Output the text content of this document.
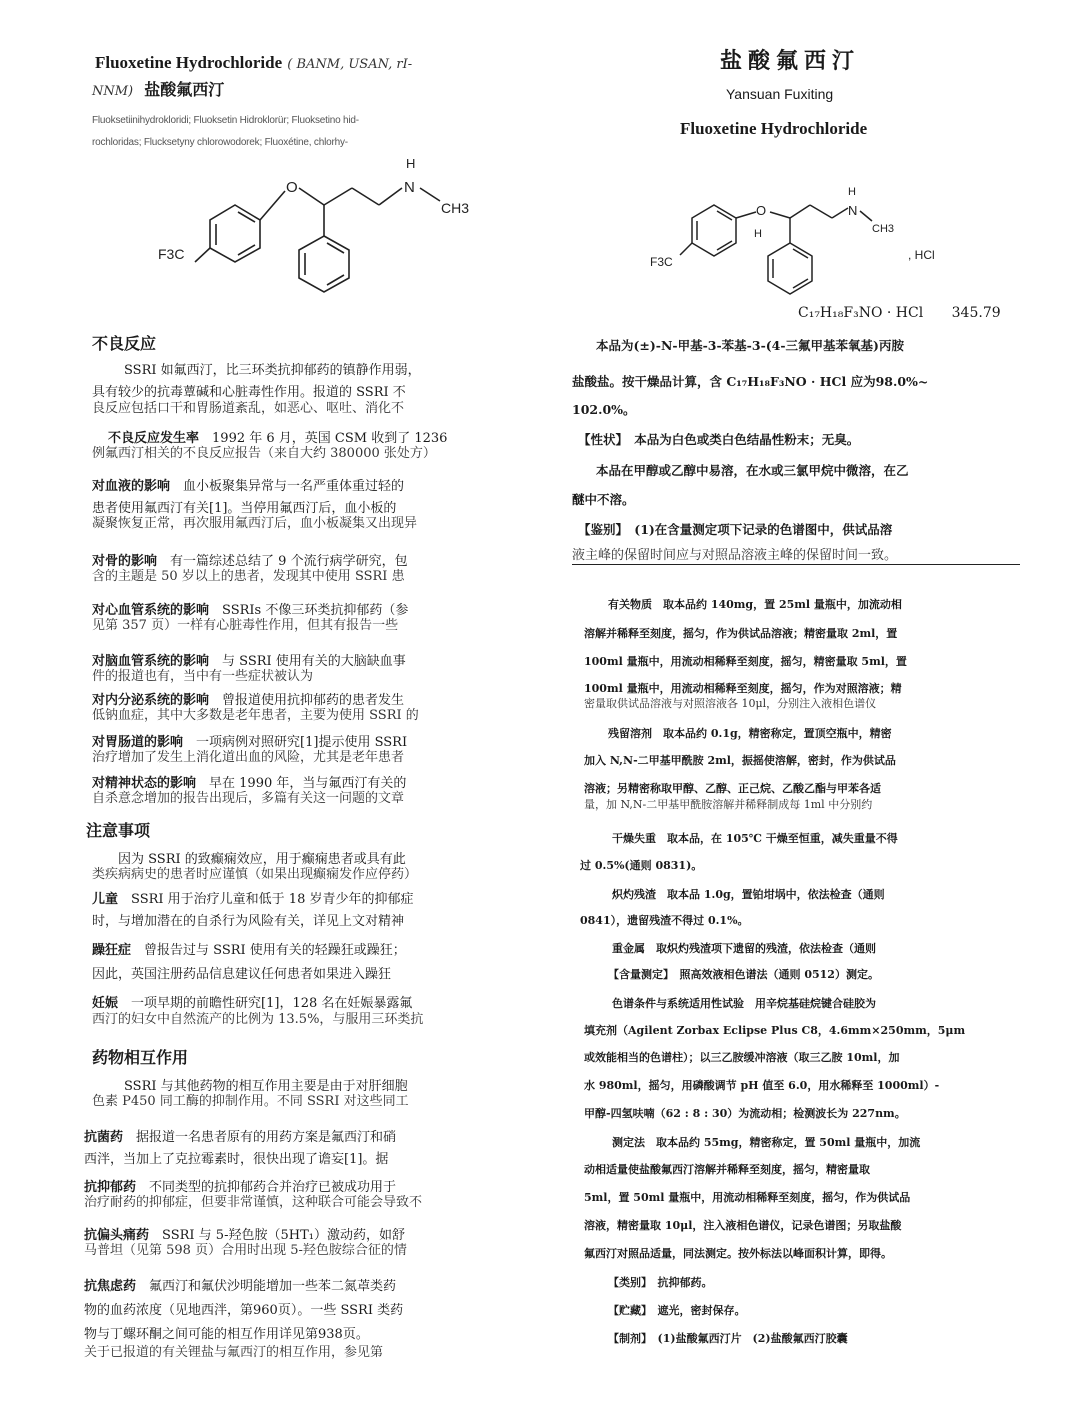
Fluoxetine Hydrochloride ( BANM, USAN, rI-
NNM) 盐酸氟西汀
Fluoksetiinihydrokloridi; Fluoksetin Hidroklorür; Fluoksetino hid-
rochloridas; Flucksetyny chlorowodorek; Fluoxétine, chlorhy-
O
H
N
CH3
F3C
不良反应
SSRI 如氟西汀，比三环类抗抑郁药的镇静作用弱，
具有较少的抗毒蕈碱和心脏毒性作用。报道的 SSRI 不
良反应包括口干和胃肠道紊乱，如恶心、呕吐、消化不
不良反应发生率　 1992 年 6 月，英国 CSM 收到了 1236
例氟西汀相关的不良反应报告（来自大约 380000 张处方）
对血液的影响　 血小板聚集异常与一名严重体重过轻的
患者使用氟西汀有关[1]。当停用氟西汀后，血小板的
凝聚恢复正常，再次服用氟西汀后，血小板凝集又出现异
对骨的影响　 有一篇综述总结了 9 个流行病学研究，包
含的主题是 50 岁以上的患者，发现其中使用 SSRI 患
对心血管系统的影响　 SSRIs 不像三环类抗抑郁药（参
见第 357 页）一样有心脏毒性作用，但其有报告一些
对脑血管系统的影响　 与 SSRI 使用有关的大脑缺血事
件的报道也有，当中有一些症状被认为
对内分泌系统的影响　 曾报道使用抗抑郁药的患者发生
低钠血症，其中大多数是老年患者，主要为使用 SSRI 的
对胃肠道的影响　 一项病例对照研究[1]提示使用 SSRI
治疗增加了发生上消化道出血的风险，尤其是老年患者
对精神状态的影响　 早在 1990 年，当与氟西汀有关的
自杀意念增加的报告出现后，多篇有关这一问题的文章
注意事项
因为 SSRI 的致癫痫效应，用于癫痫患者或具有此
类疾病病史的患者时应谨慎（如果出现癫痫发作应停药）
儿童　 SSRI 用于治疗儿童和低于 18 岁青少年的抑郁症
时，与增加潜在的自杀行为风险有关，详见上文对精神
躁狂症　 曾报告过与 SSRI 使用有关的轻躁狂或躁狂；
因此，英国注册药品信息建议任何患者如果进入躁狂
妊娠　 一项早期的前瞻性研究[1]，128 名在妊娠暴露氟
西汀的妇女中自然流产的比例为 13.5%，与服用三环类抗
药物相互作用
SSRI 与其他药物的相互作用主要是由于对肝细胞
色素 P450 同工酶的抑制作用。不同 SSRI 对这些同工
抗菌药　 据报道一名患者原有的用药方案是氟西汀和硝
西泮，当加上了克拉霉素时，很快出现了谵妄[1]。据
抗抑郁药　 不同类型的抗抑郁药合并治疗已被成功用于
治疗耐药的抑郁症，但要非常谨慎，这种联合可能会导致不
抗偏头痛药　 SSRI 与 5-羟色胺（5HT₁）激动药，如舒
马普坦（见第 598 页）合用时出现 5-羟色胺综合征的情
抗焦虑药　 氟西汀和氟伏沙明能增加一些苯二氮䓬类药
物的血药浓度（见地西泮，第960页）。一些 SSRI 类药
物与丁螺环酮之间可能的相互作用详见第938页。
关于已报道的有关锂盐与氟西汀的相互作用，参见第
盐酸氟西汀
Yansuan Fuxiting
Fluoxetine Hydrochloride
O
H
H
N
CH3
F3C	, HCl
C₁₇H₁₈F₃NO · HCl 345.79
本品为(±)-N-甲基-3-苯基-3-(4-三氟甲基苯氧基)丙胺
盐酸盐。按干燥品计算，含 C₁₇H₁₈F₃NO · HCl 应为98.0%~
102.0%。
【性状】　 本品为白色或类白色结晶性粉末；无臭。
本品在甲醇或乙醇中易溶，在水或三氯甲烷中微溶，在乙
醚中不溶。
【鉴别】　 (1)在含量测定项下记录的色谱图中，供试品溶
液主峰的保留时间应与对照品溶液主峰的保留时间一致。
有关物质　 取本品约 140mg，置 25ml 量瓶中，加流动相
溶解并稀释至刻度，摇匀，作为供试品溶液；精密量取 2ml，置
100ml 量瓶中，用流动相稀释至刻度，摇匀，精密量取 5ml，置
100ml 量瓶中，用流动相稀释至刻度，摇匀，作为对照溶液；精
密量取供试品溶液与对照溶液各 10μl，分别注入液相色谱仪
残留溶剂　 取本品约 0.1g，精密称定，置顶空瓶中，精密
加入 N,N-二甲基甲酰胺 2ml，振摇使溶解，密封，作为供试品
溶液；另精密称取甲醇、乙醇、正己烷、乙酸乙酯与甲苯各适
量，加 N,N-二甲基甲酰胺溶解并稀释制成每 1ml 中分别约
干燥失重　 取本品，在 105℃ 干燥至恒重，减失重量不得
过 0.5%(通则 0831)。
炽灼残渣　 取本品 1.0g，置铂坩埚中，依法检查（通则
0841），遗留残渣不得过 0.1%。
重金属　 取炽灼残渣项下遗留的残渣，依法检查（通则
【含量测定】　 照高效液相色谱法（通则 0512）测定。
色谱条件与系统适用性试验　 用辛烷基硅烷键合硅胶为
填充剂（Agilent Zorbax Eclipse Plus C8，4.6mm×250mm，5μm
或效能相当的色谱柱）；以三乙胺缓冲溶液（取三乙胺 10ml，加
水 980ml，摇匀，用磷酸调节 pH 值至 6.0，用水稀释至 1000ml）-
甲醇-四氢呋喃（62 : 8 : 30）为流动相；检测波长为 227nm。
测定法　 取本品约 55mg，精密称定，置 50ml 量瓶中，加流
动相适量使盐酸氟西汀溶解并稀释至刻度，摇匀，精密量取
5ml，置 50ml 量瓶中，用流动相稀释至刻度，摇匀，作为供试品
溶液，精密量取 10μl，注入液相色谱仪，记录色谱图；另取盐酸
氟西汀对照品适量，同法测定。按外标法以峰面积计算，即得。
【类别】　 抗抑郁药。
【贮藏】　 遮光，密封保存。
【制剂】　 (1)盐酸氟西汀片　(2)盐酸氟西汀胶囊
